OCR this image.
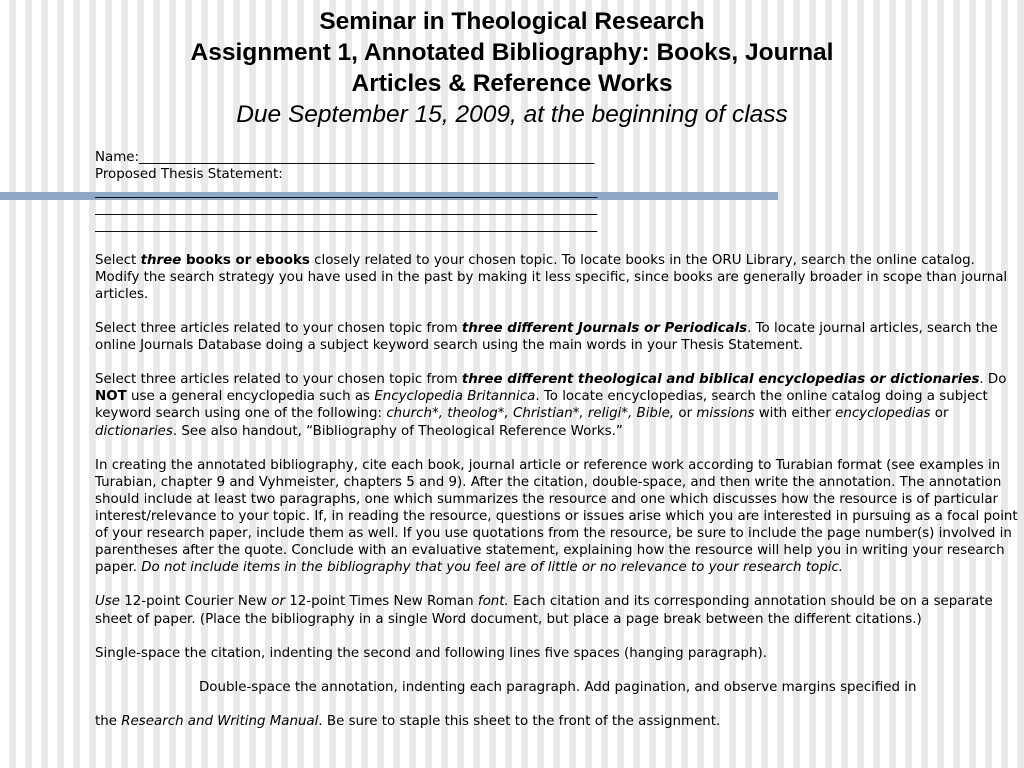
Seminar in Theological Research
Assignment 1, Annotated Bibliography: Books, Journal
Articles & Reference Works
Due September 15, 2009, at the beginning of class

Name:____________________________________________________________________

Proposed Thesis Statement:

___________________________________________________________________________

___________________________________________________________________________

___________________________________________________________________________

Select three books or ebooks closely related to your chosen topic. To locate books in the ORU Library, search the online catalog. Modify the search strategy you have used in the past by making it less specific, since books are generally broader in scope than journal articles.

Select three articles related to your chosen topic from three different Journals or Periodicals. To locate journal articles, search the online Journals Database doing a subject keyword search using the main words in your Thesis Statement.

Select three articles related to your chosen topic from three different theological and biblical encyclopedias or dictionaries. Do NOT use a general encyclopedia such as Encyclopedia Britannica. To locate encyclopedias, search the online catalog doing a subject keyword search using one of the following: church*, theolog*, Christian*, religi*, Bible, or missions with either encyclopedias or dictionaries. See also handout, “Bibliography of Theological Reference Works.”

In creating the annotated bibliography, cite each book, journal article or reference work according to Turabian format (see examples in Turabian, chapter 9 and Vyhmeister, chapters 5 and 9). After the citation, double-space, and then write the annotation. The annotation should include at least two paragraphs, one which summarizes the resource and one which discusses how the resource is of particular interest/relevance to your topic. If, in reading the resource, questions or issues arise which you are interested in pursuing as a focal point of your research paper, include them as well. If you use quotations from the resource, be sure to include the page number(s) involved in parentheses after the quote. Conclude with an evaluative statement, explaining how the resource will help you in writing your research paper. Do not include items in the bibliography that you feel are of little or no relevance to your research topic.

Use 12-point Courier New or 12-point Times New Roman font. Each citation and its corresponding annotation should be on a separate sheet of paper. (Place the bibliography in a single Word document, but place a page break between the different citations.)

Single-space the citation, indenting the second and following lines five spaces (hanging paragraph).

Double-space the annotation, indenting each paragraph. Add pagination, and observe margins specified in

the Research and Writing Manual. Be sure to staple this sheet to the front of the assignment.
